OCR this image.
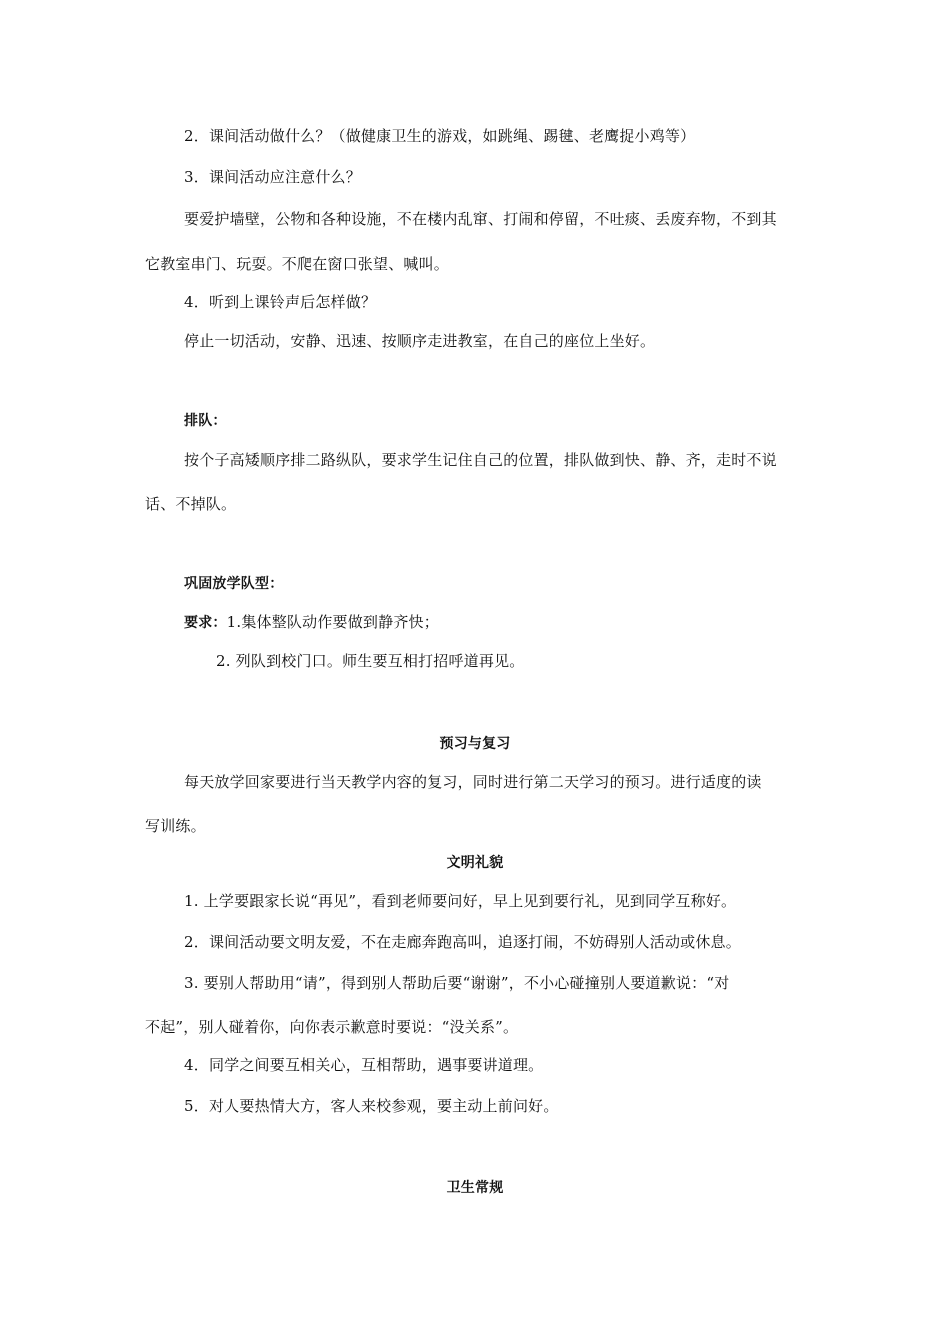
2．课间活动做什么？（做健康卫生的游戏，如跳绳、踢毽、老鹰捉小鸡等）
3．课间活动应注意什么？
要爱护墙壁，公物和各种设施，不在楼内乱窜、打闹和停留，不吐痰、丢废弃物，不到其
它教室串门、玩耍。不爬在窗口张望、喊叫。
4．听到上课铃声后怎样做？
停止一切活动，安静、迅速、按顺序走进教室，在自己的座位上坐好。
排队：
按个子高矮顺序排二路纵队，要求学生记住自己的位置，排队做到快、静、齐，走时不说
话、不掉队。
巩固放学队型：
要求：1.集体整队动作要做到静齐快；
2. 列队到校门口。师生要互相打招呼道再见。
预习与复习
每天放学回家要进行当天教学内容的复习，同时进行第二天学习的预习。进行适度的读
写训练。
文明礼貌
1. 上学要跟家长说“再见”，看到老师要问好，早上见到要行礼，见到同学互称好。
2．课间活动要文明友爱，不在走廊奔跑高叫，追逐打闹，不妨碍别人活动或休息。
3. 要别人帮助用“请”，得到别人帮助后要“谢谢”，不小心碰撞别人要道歉说：“对
不起”，别人碰着你，向你表示歉意时要说：“没关系”。
4．同学之间要互相关心，互相帮助，遇事要讲道理。
5．对人要热情大方，客人来校参观，要主动上前问好。
卫生常规
